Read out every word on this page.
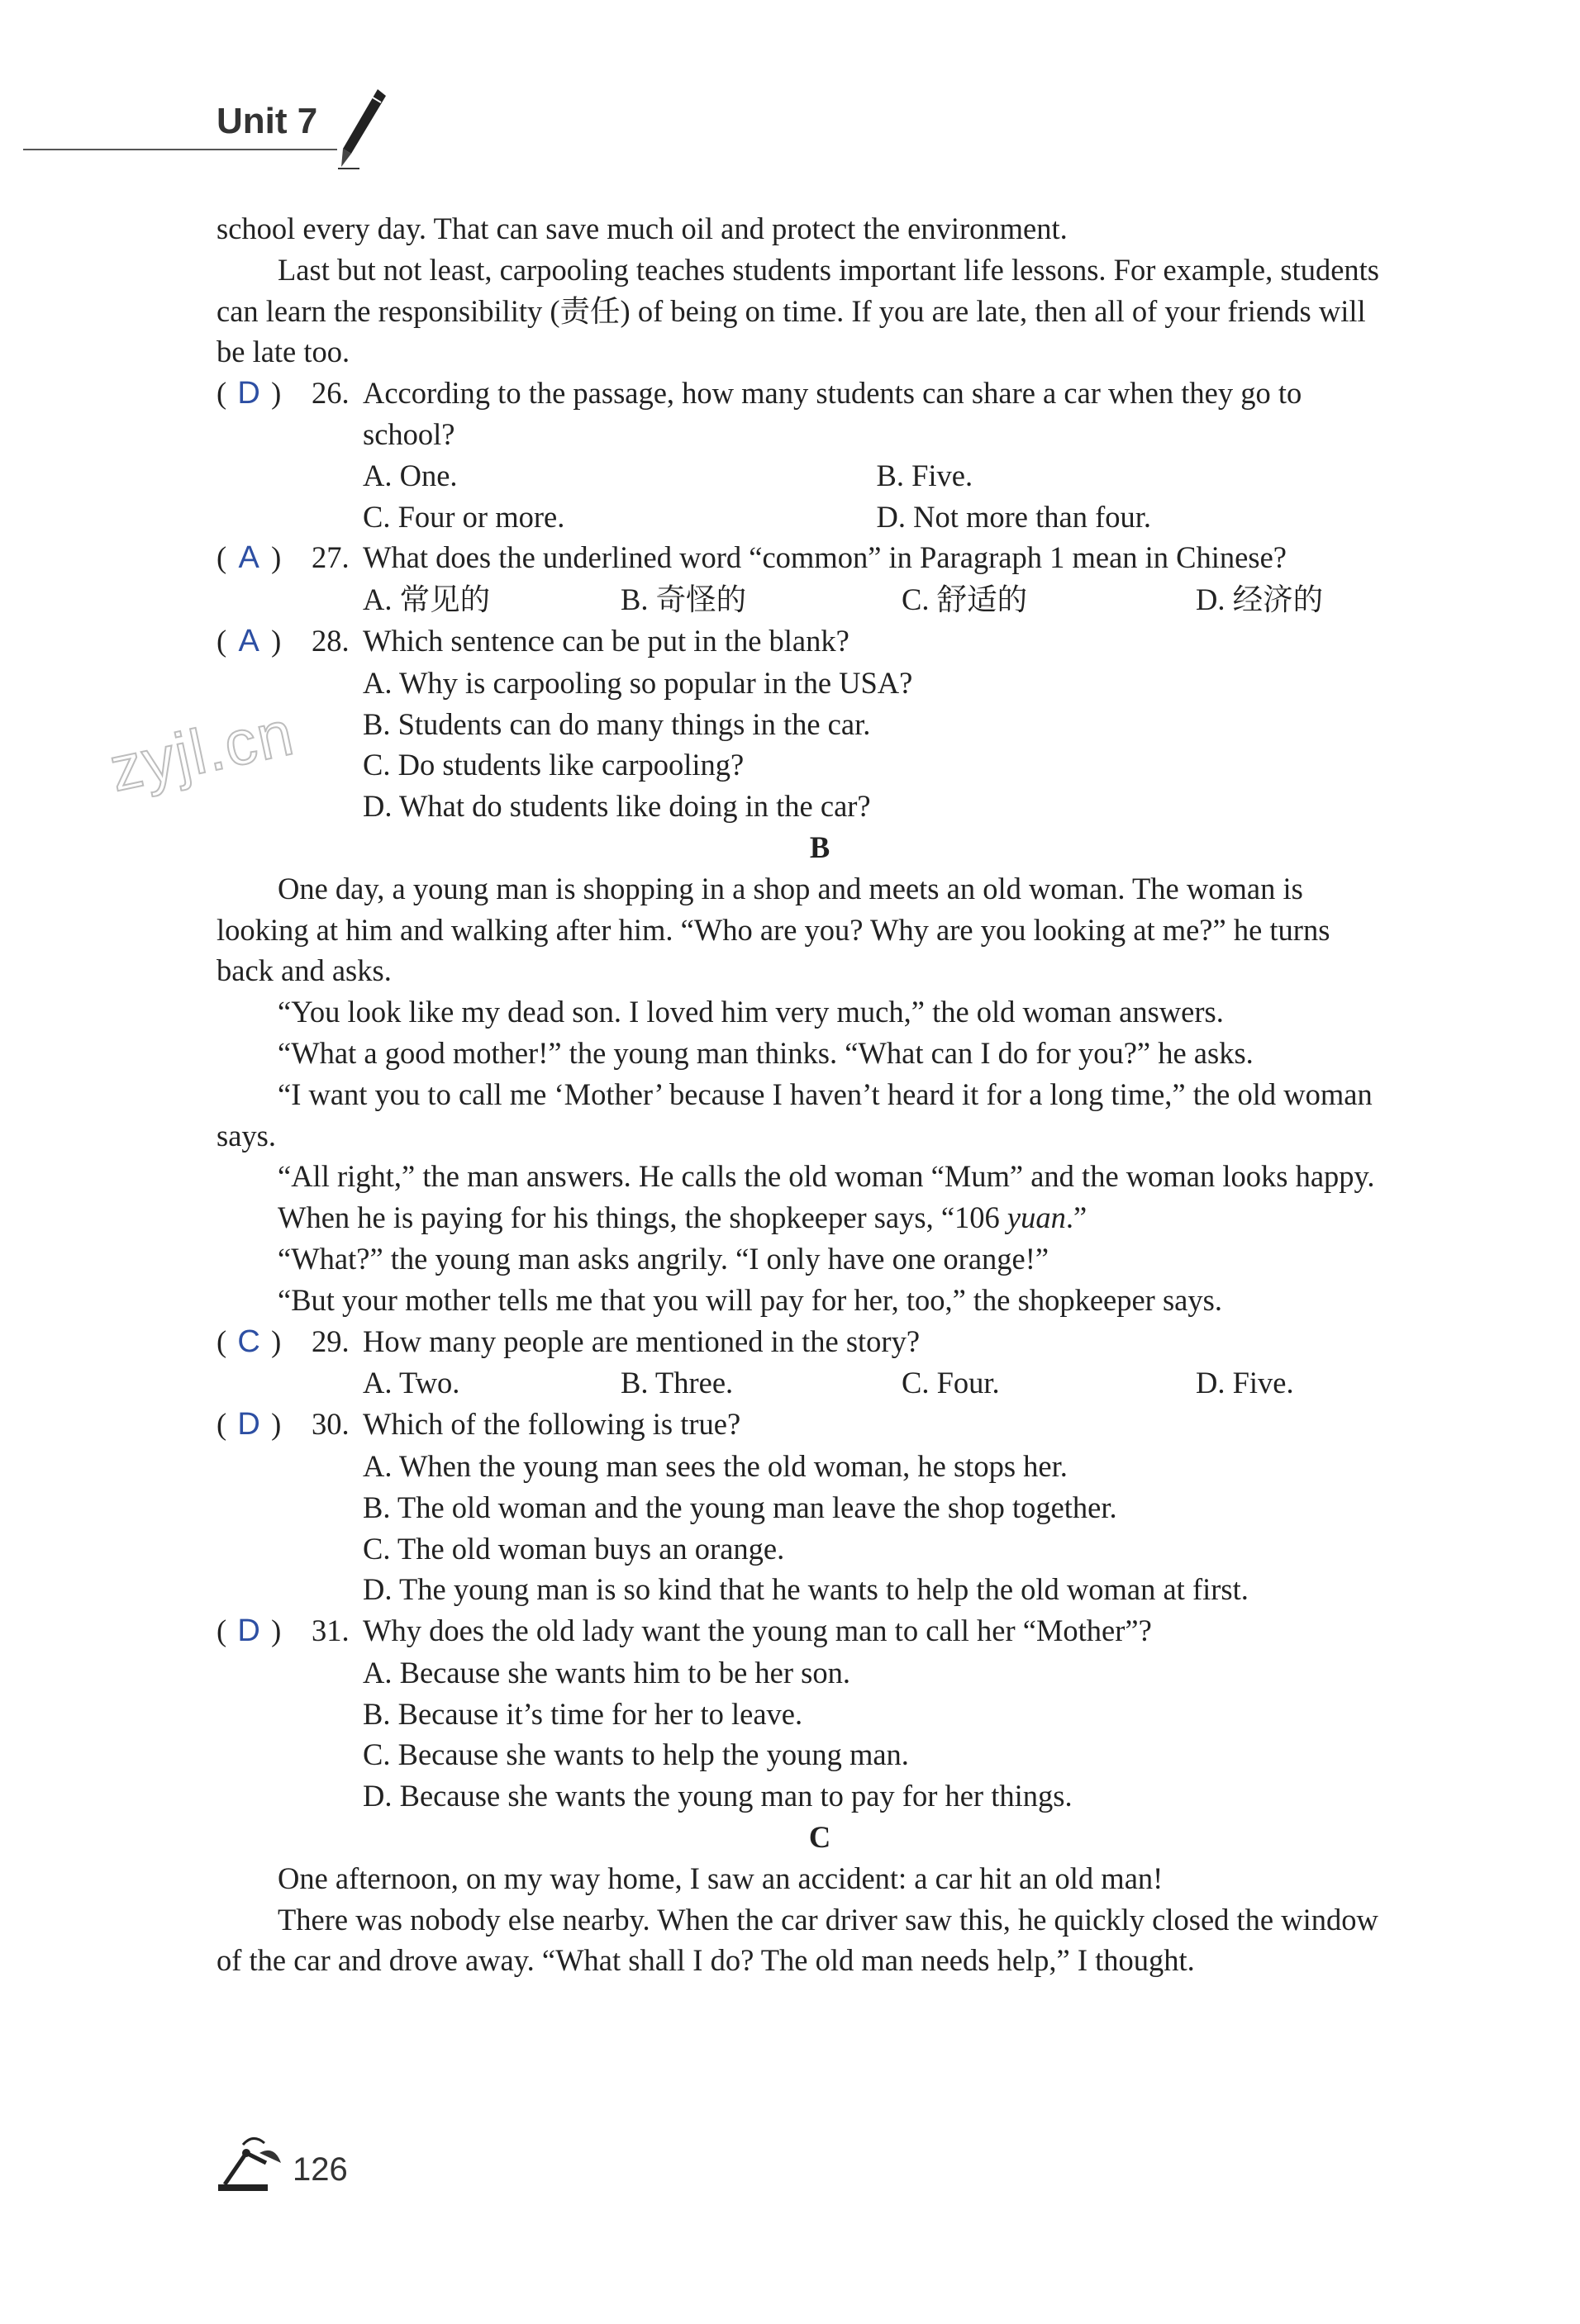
Unit 7
zyjl.cn

school every day. That can save much oil and protect the environment.

Last but not least, carpooling teaches students important life lessons. For example, students can learn the responsibility (责任) of being on time. If you are late, then all of your friends will be late too.

( D )	26. According to the passage, how many students can share a car when they go to school?
A. One.	B. Five.
C. Four or more.	D. Not more than four.
( A )	27. What does the underlined word “common” in Paragraph 1 mean in Chinese?
A. 常见的	B. 奇怪的	C. 舒适的	D. 经济的
( A )	28. Which sentence can be put in the blank?
A. Why is carpooling so popular in the USA?
B. Students can do many things in the car.
C. Do students like carpooling?
D. What do students like doing in the car?
B

One day, a young man is shopping in a shop and meets an old woman. The woman is looking at him and walking after him. “Who are you? Why are you looking at me?” he turns back and asks.

“You look like my dead son. I loved him very much,” the old woman answers.

“What a good mother!” the young man thinks. “What can I do for you?” he asks.

“I want you to call me ‘Mother’ because I haven’t heard it for a long time,” the old woman says.

“All right,” the man answers. He calls the old woman “Mum” and the woman looks happy.

When he is paying for his things, the shopkeeper says, “106 yuan.”

“What?” the young man asks angrily. “I only have one orange!”

“But your mother tells me that you will pay for her, too,” the shopkeeper says.

( C )	29. How many people are mentioned in the story?
A. Two.	B. Three.	C. Four.	D. Five.
( D )	30. Which of the following is true?
A. When the young man sees the old woman, he stops her.
B. The old woman and the young man leave the shop together.
C. The old woman buys an orange.
D. The young man is so kind that he wants to help the old woman at first.
( D )	31. Why does the old lady want the young man to call her “Mother”?
A. Because she wants him to be her son.
B. Because it’s time for her to leave.
C. Because she wants to help the young man.
D. Because she wants the young man to pay for her things.
C

One afternoon, on my way home, I saw an accident: a car hit an old man!

There was nobody else nearby. When the car driver saw this, he quickly closed the window of the car and drove away. “What shall I do? The old man needs help,” I thought.

126
